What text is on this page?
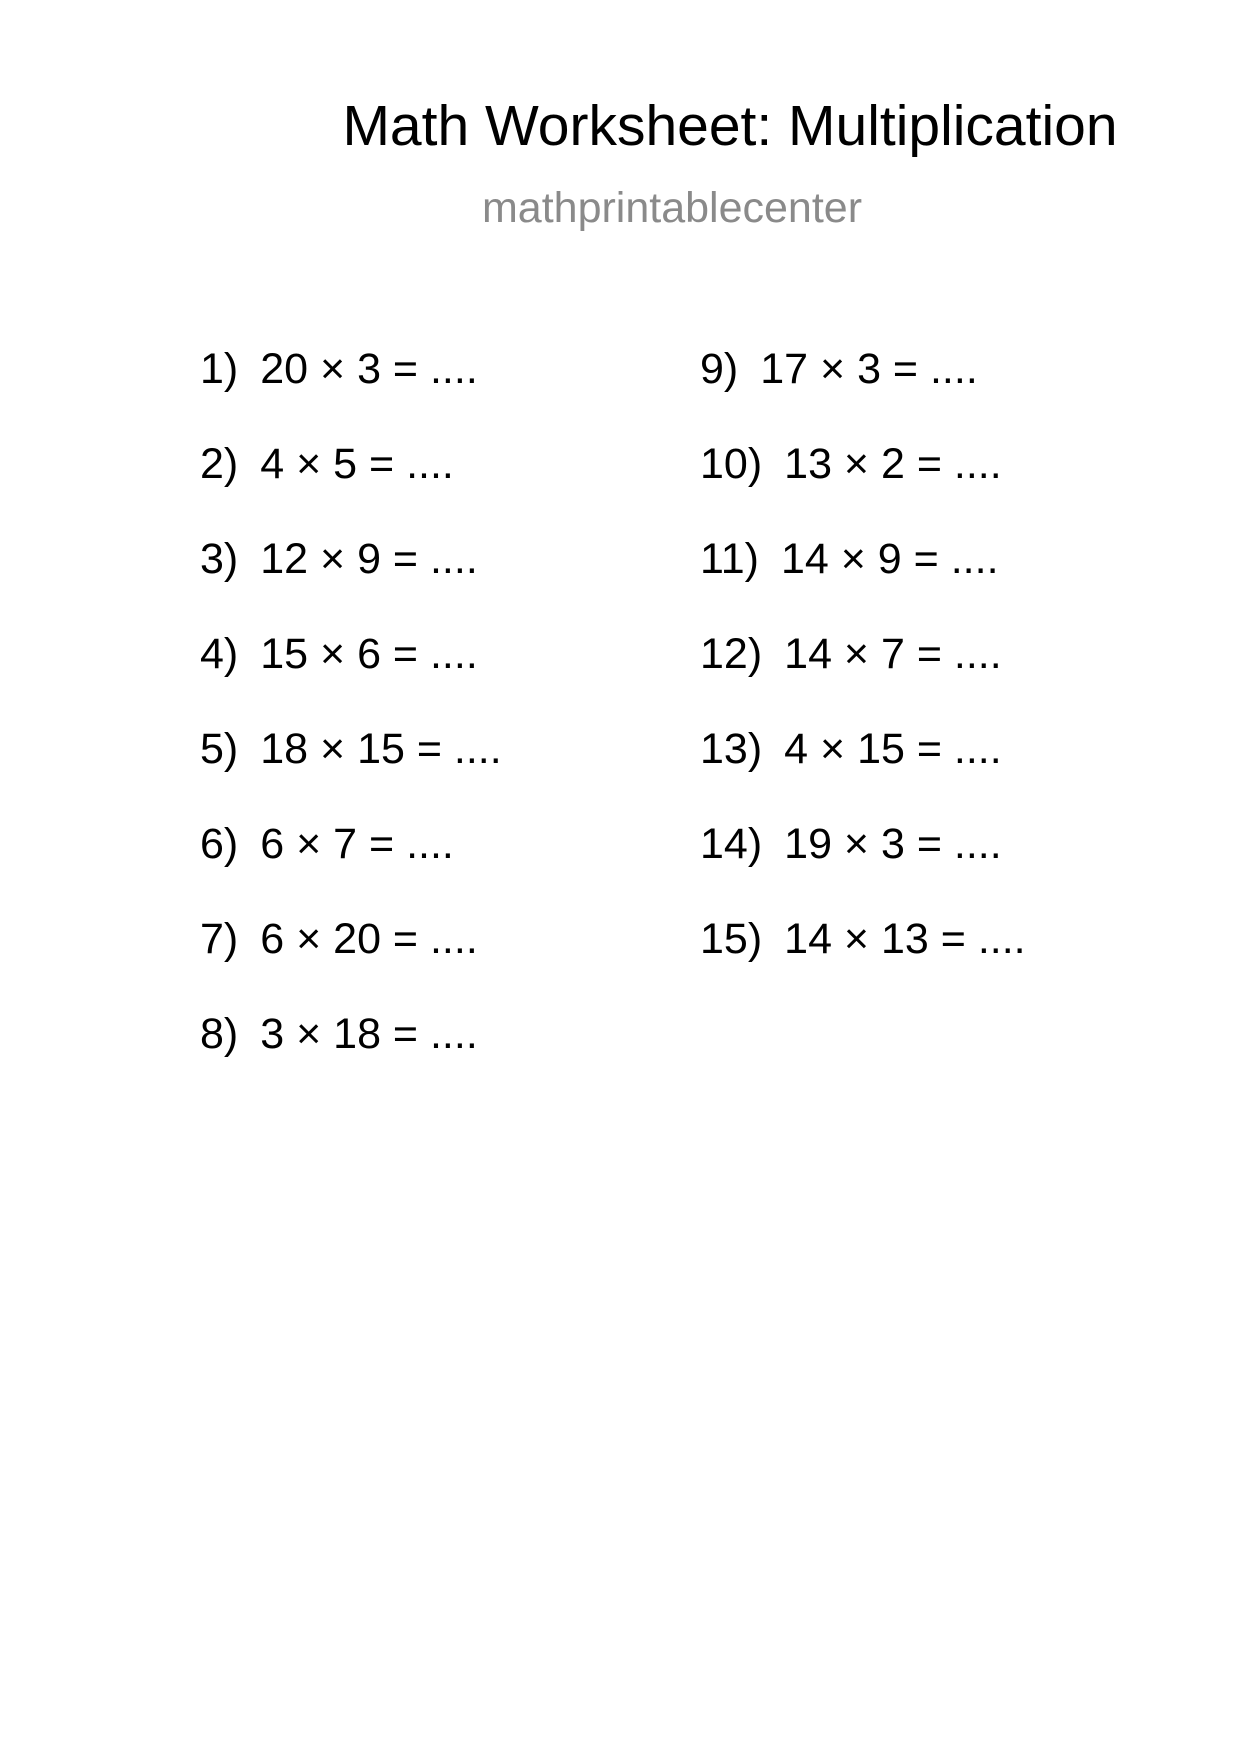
Math Worksheet: Multiplication
mathprintablecenter
1) 20 × 3 = ....
2) 4 × 5 = ....
3) 12 × 9 = ....
4) 15 × 6 = ....
5) 18 × 15 = ....
6) 6 × 7 = ....
7) 6 × 20 = ....
8) 3 × 18 = ....
9) 17 × 3 = ....
10) 13 × 2 = ....
11) 14 × 9 = ....
12) 14 × 7 = ....
13) 4 × 15 = ....
14) 19 × 3 = ....
15) 14 × 13 = ....
